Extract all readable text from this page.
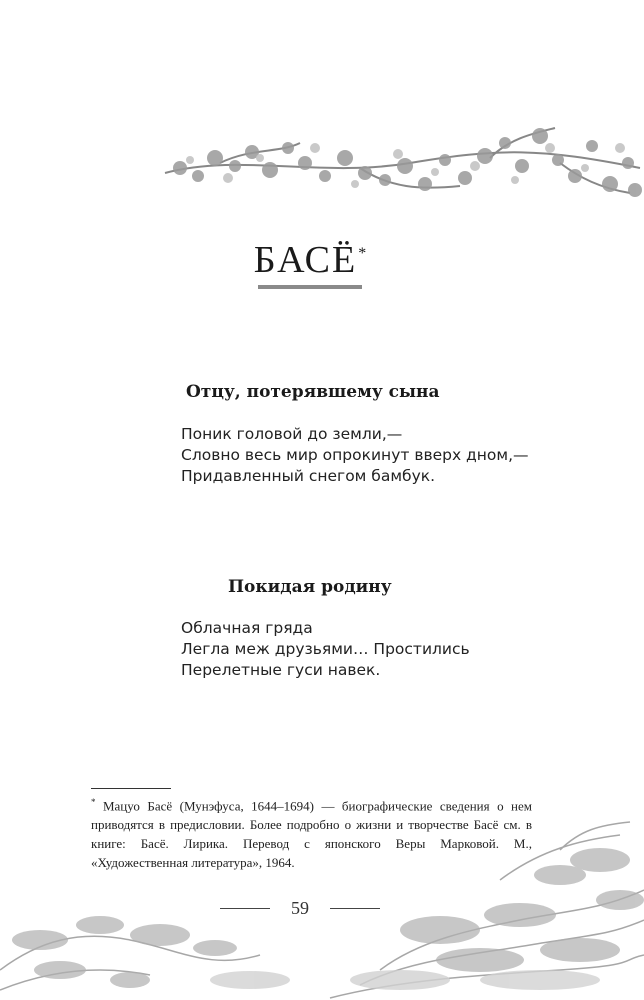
БАСЁ*
Отцу, потерявшему сына
Поник головой до земли,—
Словно весь мир опрокинут вверх дном,—
Придавленный снегом бамбук.
Покидая родину
Облачная гряда
Легла меж друзьями… Простились
Перелетные гуси навек.
* Мацуо Басё (Мунэфуса, 1644–1694) — биографические сведения о нем приводятся в предисловии. Более подробно о жизни и творчестве Басё см. в книге: Басё. Лирика. Перевод с японского Веры Марковой. М., «Художественная литература», 1964.
59
